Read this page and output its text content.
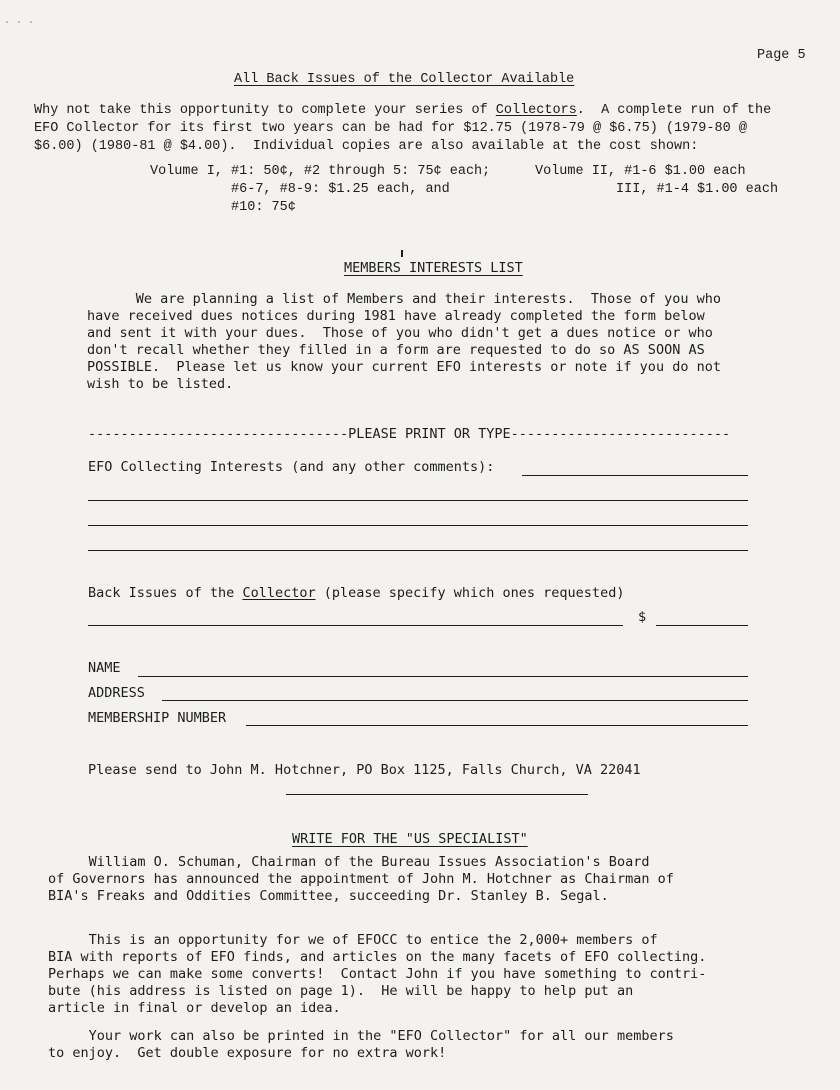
· · ·
Page 5
All Back Issues of the Collector Available
Why not take this opportunity to complete your series of Collectors.  A complete run of the
EFO Collector for its first two years can be had for $12.75 (1978-79 @ $6.75) (1979-80 @
$6.00) (1980-81 @ $4.00).  Individual copies are also available at the cost shown:
Volume I, #1: 50¢, #2 through 5: 75¢ each;
#6-7, #8-9: $1.25 each, and
#10: 75¢
Volume II, #1-6 $1.00 each
III, #1-4 $1.00 each
MEMBERS INTERESTS LIST
We are planning a list of Members and their interests.  Those of you who
have received dues notices during 1981 have already completed the form below
and sent it with your dues.  Those of you who didn't get a dues notice or who
don't recall whether they filled in a form are requested to do so AS SOON AS
POSSIBLE.  Please let us know your current EFO interests or note if you do not
wish to be listed.
--------------------------------PLEASE PRINT OR TYPE---------------------------
EFO Collecting Interests (and any other comments):
Back Issues of the Collector (please specify which ones requested)
$
NAME
ADDRESS
MEMBERSHIP NUMBER
Please send to John M. Hotchner, PO Box 1125, Falls Church, VA 22041
WRITE FOR THE "US SPECIALIST"
William O. Schuman, Chairman of the Bureau Issues Association's Board
of Governors has announced the appointment of John M. Hotchner as Chairman of
BIA's Freaks and Oddities Committee, succeeding Dr. Stanley B. Segal.
This is an opportunity for we of EFOCC to entice the 2,000+ members of
BIA with reports of EFO finds, and articles on the many facets of EFO collecting.
Perhaps we can make some converts!  Contact John if you have something to contri-
bute (his address is listed on page 1).  He will be happy to help put an
article in final or develop an idea.
Your work can also be printed in the "EFO Collector" for all our members
to enjoy.  Get double exposure for no extra work!
